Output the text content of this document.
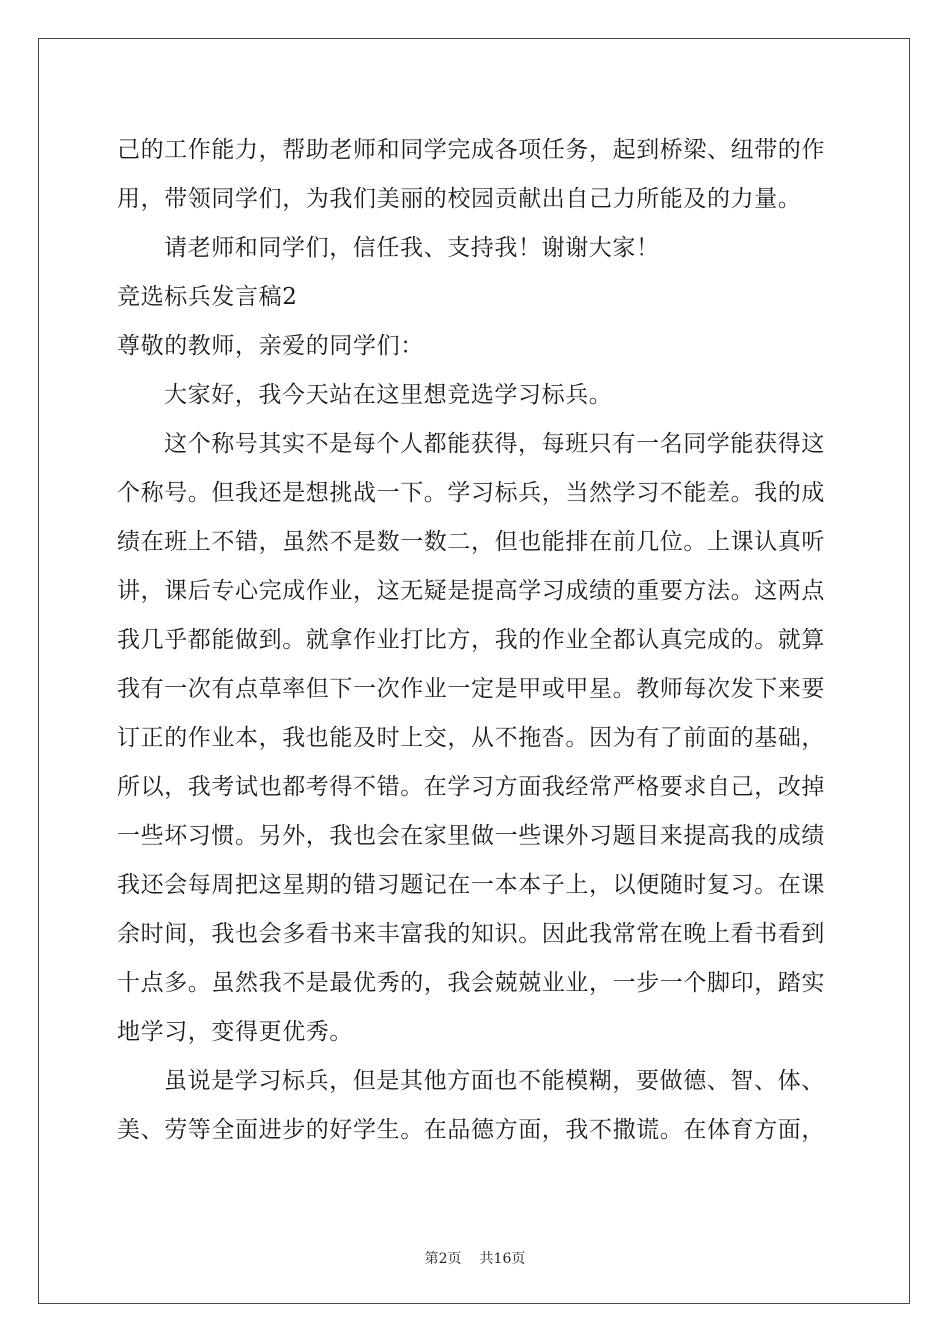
己的工作能力，帮助老师和同学完成各项任务，起到桥梁、纽带的作
用，带领同学们，为我们美丽的校园贡献出自己力所能及的力量。
请老师和同学们，信任我、支持我！谢谢大家！
竞选标兵发言稿2
尊敬的教师，亲爱的同学们：
大家好，我今天站在这里想竞选学习标兵。
这个称号其实不是每个人都能获得，每班只有一名同学能获得这
个称号。但我还是想挑战一下。学习标兵，当然学习不能差。我的成
绩在班上不错，虽然不是数一数二，但也能排在前几位。上课认真听
讲，课后专心完成作业，这无疑是提高学习成绩的重要方法。这两点
我几乎都能做到。就拿作业打比方，我的作业全都认真完成的。就算
我有一次有点草率但下一次作业一定是甲或甲星。教师每次发下来要
订正的作业本，我也能及时上交，从不拖沓。因为有了前面的基础，
所以，我考试也都考得不错。在学习方面我经常严格要求自己，改掉
一些坏习惯。另外，我也会在家里做一些课外习题目来提高我的成绩
我还会每周把这星期的错习题记在一本本子上，以便随时复习。在课
余时间，我也会多看书来丰富我的知识。因此我常常在晚上看书看到
十点多。虽然我不是最优秀的，我会兢兢业业，一步一个脚印，踏实
地学习，变得更优秀。
虽说是学习标兵，但是其他方面也不能模糊，要做德、智、体、
美、劳等全面进步的好学生。在品德方面，我不撒谎。在体育方面，
第2页 共16页
